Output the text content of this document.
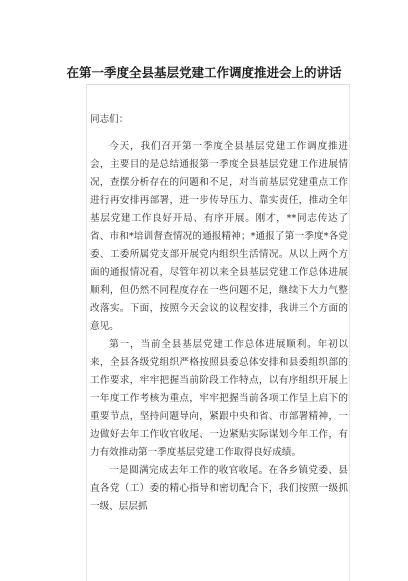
在第一季度全县基层党建工作调度推进会上的讲话

同志们：

今天，我们召开第一季度全县基层党建工作调度推进会，主要目的是总结通报第一季度全县基层党建工作进展情况，查摆分析存在的问题和不足，对当前基层党建重点工作进行再安排再部署，进一步传导压力、靠实责任，推动全年基层党建工作良好开局、有序开展。刚才，**同志传达了省、市和*培训督查情况的通报精神；*通报了第一季度*各党委、工委所属党支部开展党内组织生活情况。从以上两个方面的通报情况看，尽管年初以来全县基层党建工作总体进展顺利，但仍然不同程度存在一些问题不足，继续下大力气整改落实。下面，按照今天会议的议程安排，我讲三个方面的意见。

第一，当前全县基层党建工作总体进展顺利。年初以来，全县各级党组织严格按照县委总体安排和县委组织部的工作要求，牢牢把握当前阶段工作特点，以有序组织开展上一年度工作考核为重点，牢牢把握当前各项工作呈上启下的重要节点，坚持问题导向，紧跟中央和省、市部署精神，一边做好去年工作收官收尾、一边紧贴实际谋划今年工作，有力有效推动第一季度基层党建工作取得良好成绩。

一是圆满完成去年工作的收官收尾。在各乡镇党委、县直各党（工）委的精心指导和密切配合下，我们按照一级抓一级、层层抓
